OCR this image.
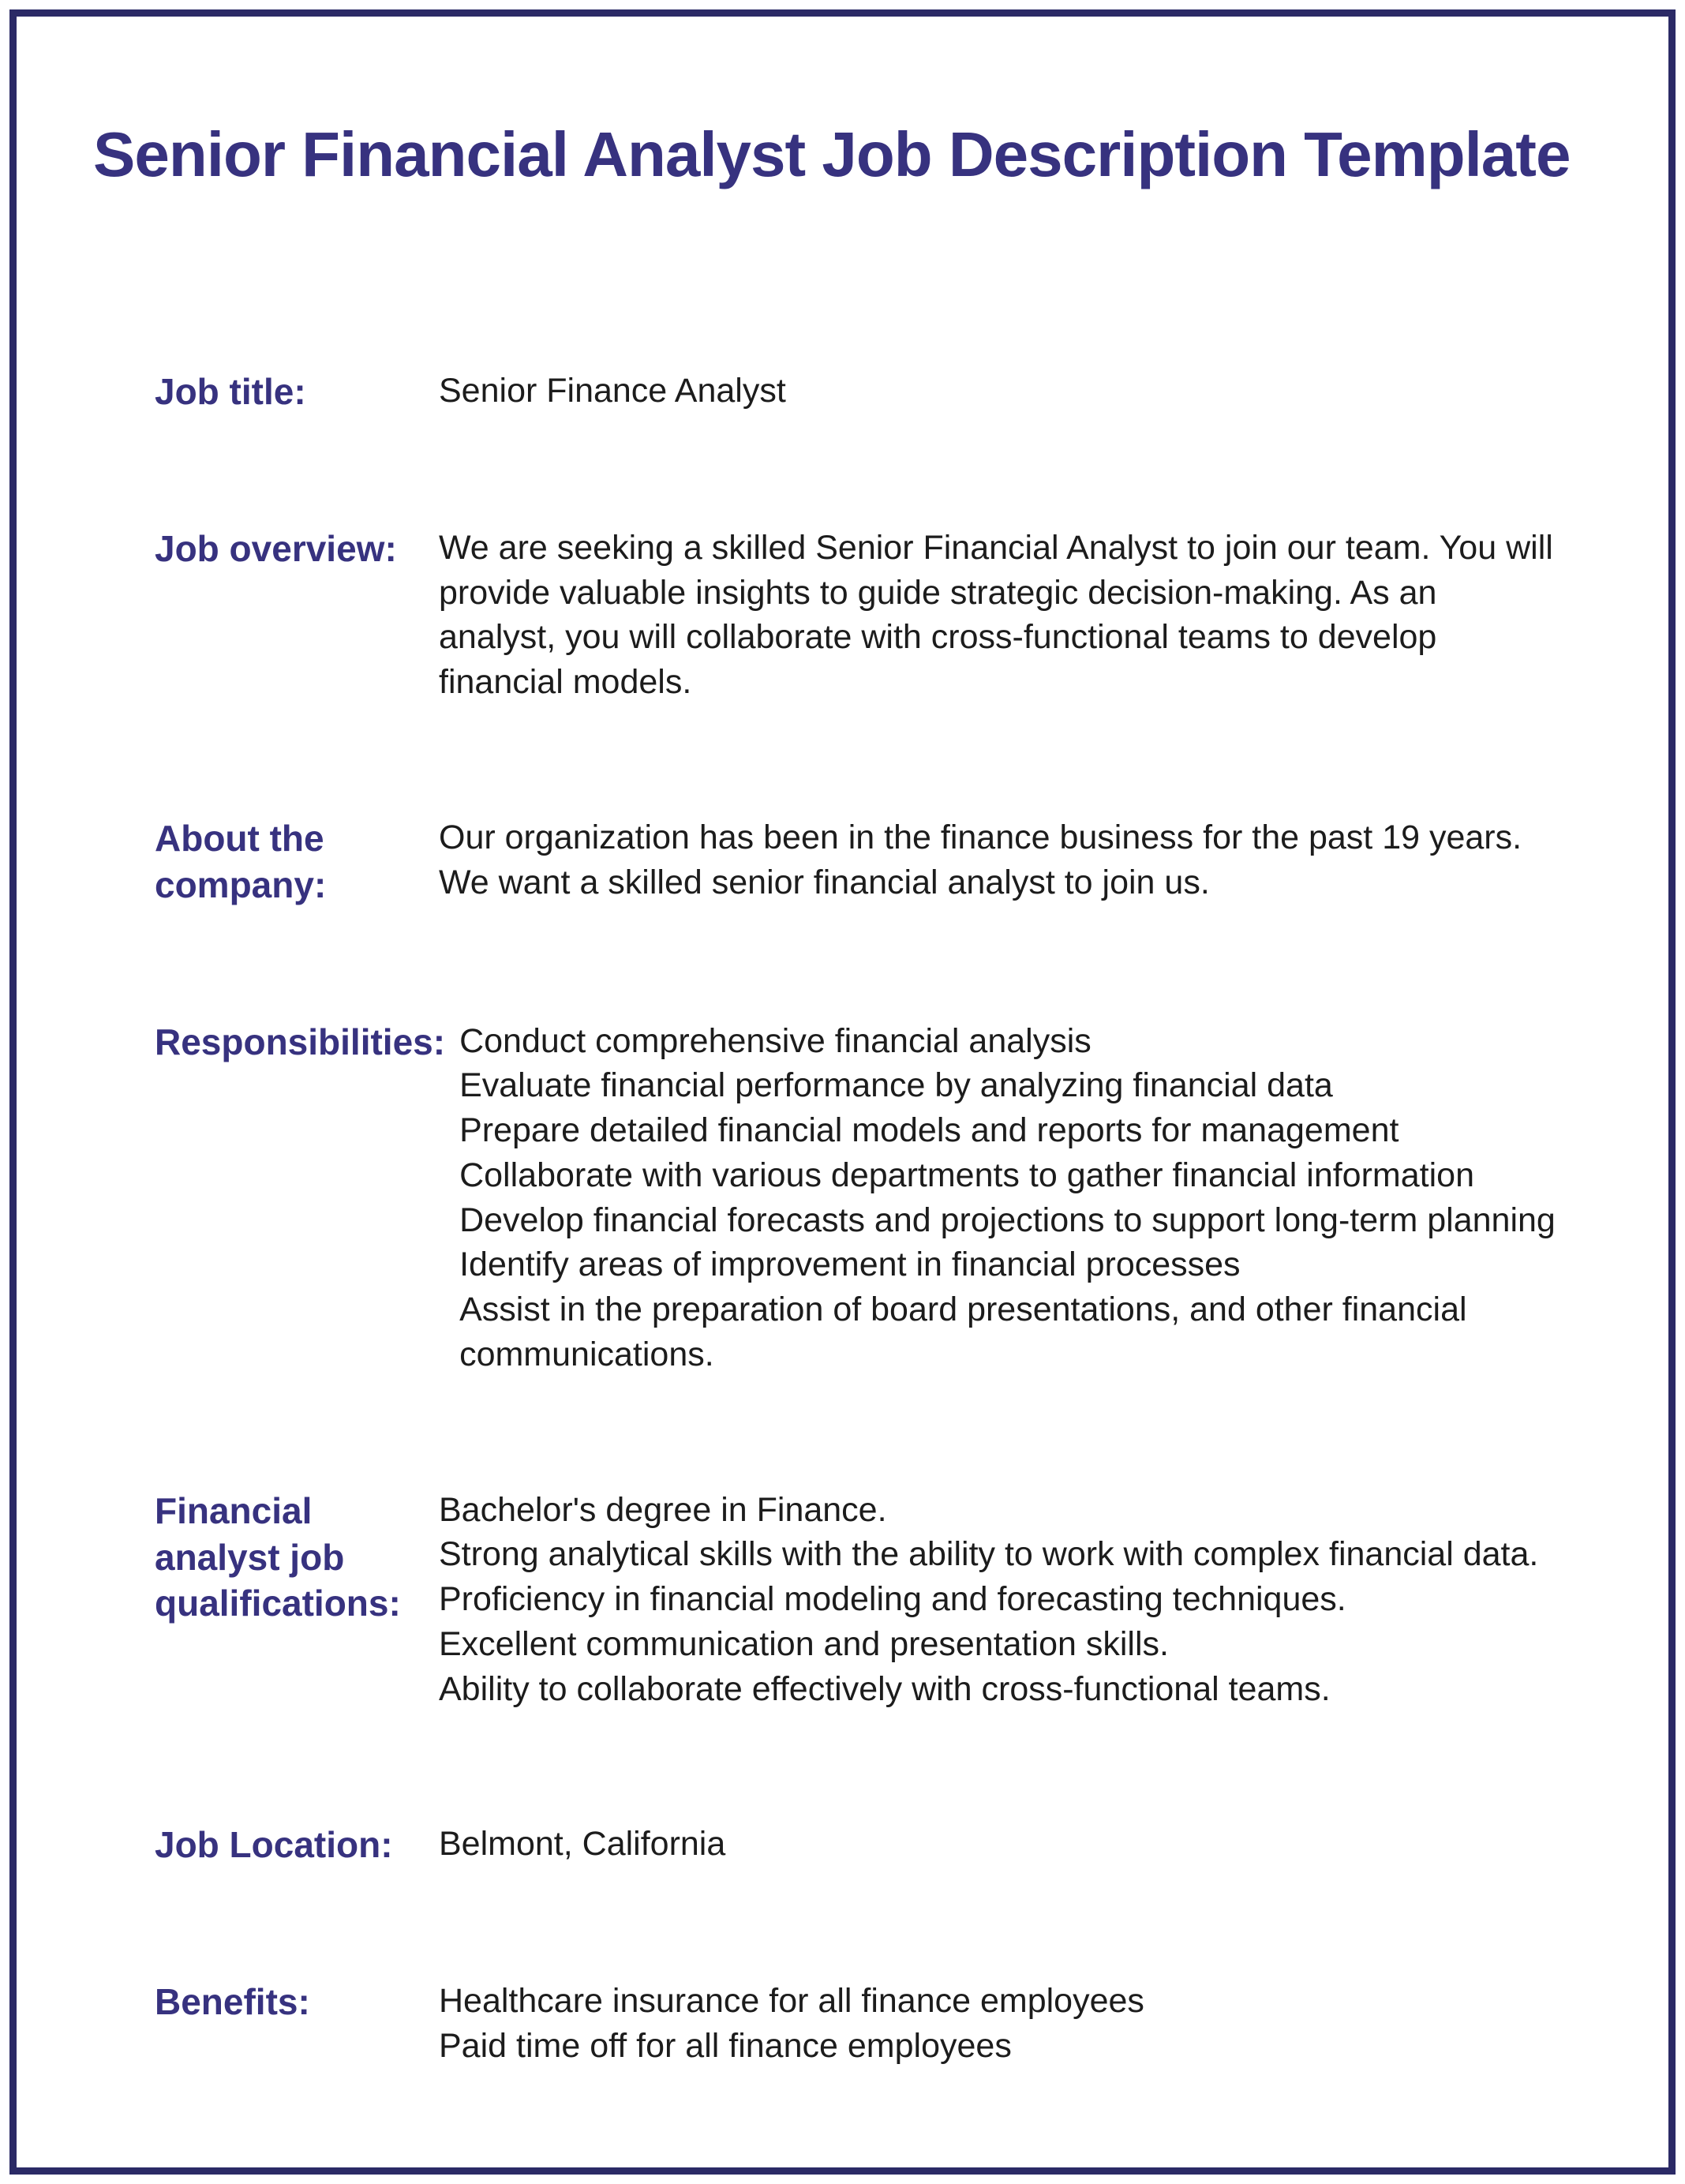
Senior Financial Analyst Job Description Template
Job title:	Senior Finance Analyst

Job overview:	We are seeking a skilled Senior Financial Analyst to join our team. You will provide valuable insights to guide strategic decision-making. As an analyst, you will collaborate with cross-functional teams to develop financial models.

About the company:

Our organization has been in the finance business for the past 19 years.

We want a skilled senior financial analyst to join us.

Responsibilities: Conduct comprehensive financial analysis

Evaluate financial performance by analyzing financial data

Prepare detailed financial models and reports for management

Collaborate with various departments to gather financial information

Develop financial forecasts and projections to support long-term planning

Identify areas of improvement in financial processes

Assist in the preparation of board presentations, and other financial communications.

Financial analyst job qualifications:

Bachelor's degree in Finance.

Strong analytical skills with the ability to work with complex financial data.

Proficiency in financial modeling and forecasting techniques.

Excellent communication and presentation skills.

Ability to collaborate effectively with cross-functional teams.

Job Location:	Belmont, California

Benefits:	Healthcare insurance for all finance employees

Paid time off for all finance employees
